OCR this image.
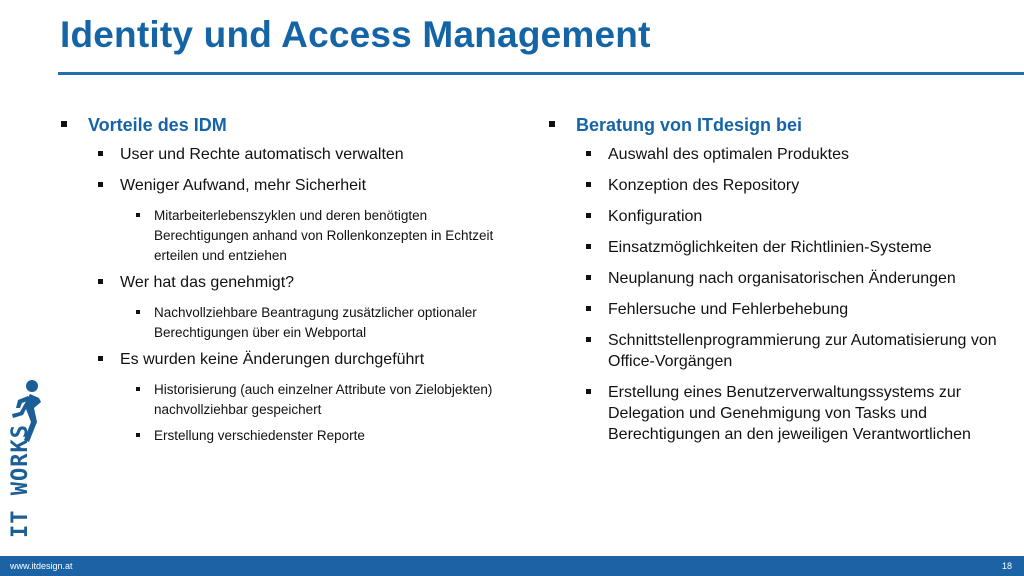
Identity und Access Management
Vorteile des IDM
User und Rechte automatisch verwalten
Weniger Aufwand, mehr Sicherheit
Mitarbeiterlebenszyklen und deren benötigten Berechtigungen anhand von Rollenkonzepten in Echtzeit erteilen und entziehen
Wer hat das genehmigt?
Nachvollziehbare Beantragung zusätzlicher optionaler Berechtigungen über ein Webportal
Es wurden keine Änderungen durchgeführt
Historisierung (auch einzelner Attribute von Zielobjekten) nachvollziehbar gespeichert
Erstellung verschiedenster Reporte
Beratung von ITdesign bei
Auswahl des optimalen Produktes
Konzeption des Repository
Konfiguration
Einsatzmöglichkeiten der Richtlinien-Systeme
Neuplanung nach organisatorischen Änderungen
Fehlersuche und Fehlerbehebung
Schnittstellenprogrammierung zur Automatisierung von Office-Vorgängen
Erstellung eines Benutzerverwaltungssystems zur Delegation und Genehmigung von Tasks und Berechtigungen an den jeweiligen Verantwortlichen
IT WORKS
www.itdesign.at	18
